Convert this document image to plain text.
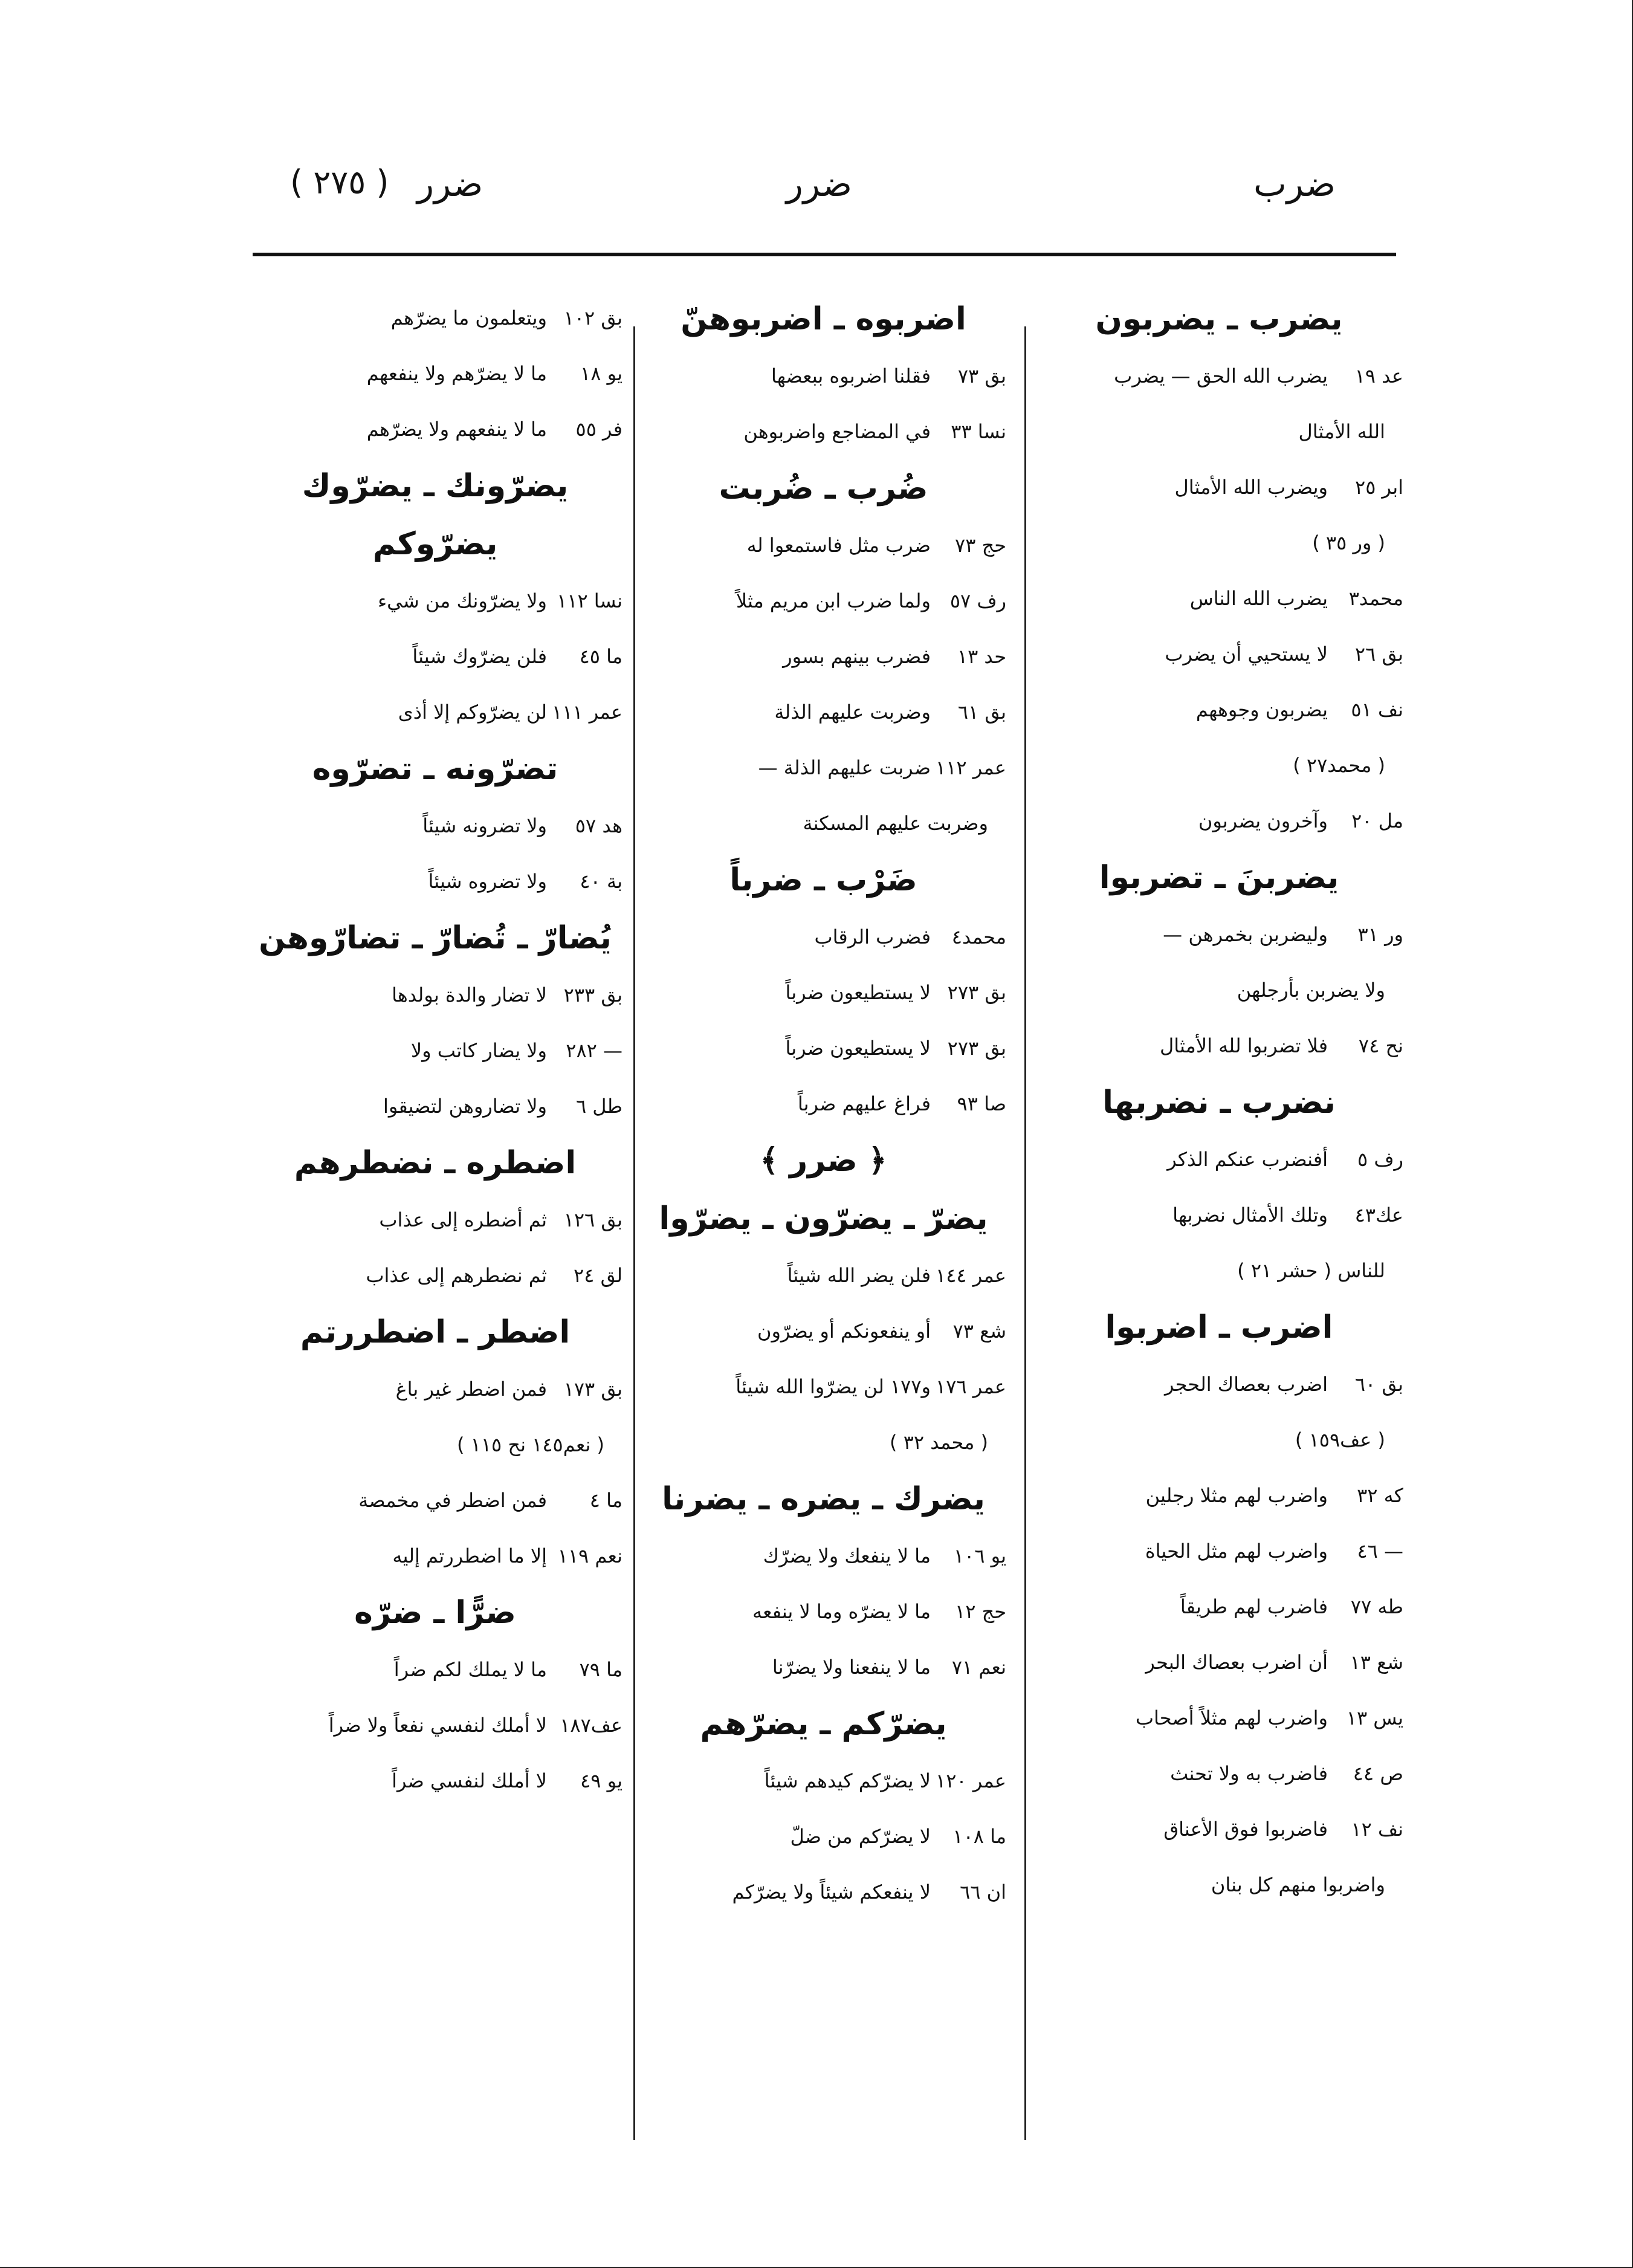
ضرب
ضرر
ضرر
( ٢٧٥ )
يضرب ـ يضربون
عد ١٩
يضرب الله الحق — يضرب
الله الأمثال
ابر ٢٥
ويضرب الله الأمثال
( ور ٣٥ )
محمد٣
يضرب الله الناس
بق ٢٦
لا يستحيي أن يضرب
نف ٥١
يضربون وجوههم
( محمد٢٧ )
مل ٢٠
وآخرون يضربون
يضربنَ ـ تضربوا
ور ٣١
وليضربن بخمرهن —
ولا يضربن بأرجلهن
نح ٧٤
فلا تضربوا لله الأمثال
نضرب ـ نضربها
رف ٥
أفنضرب عنكم الذكر
عك٤٣
وتلك الأمثال نضربها
للناس ( حشر ٢١ )
اضرب ـ اضربوا
بق ٦٠
اضرب بعصاك الحجر
( عف١٥٩ )
كه ٣٢
واضرب لهم مثلا رجلين
— ٤٦
واضرب لهم مثل الحياة
طه ٧٧
فاضرب لهم طريقاً
شع ١٣
أن اضرب بعصاك البحر
يس ١٣
واضرب لهم مثلاً أصحاب
ص ٤٤
فاضرب به ولا تحنث
نف ١٢
فاضربوا فوق الأعناق
واضربوا منهم كل بنان
اضربوه ـ اضربوهنّ
بق ٧٣
فقلنا اضربوه ببعضها
نسا ٣٣
في المضاجع واضربوهن
ضُرب ـ ضُربت
حج ٧٣
ضرب مثل فاستمعوا له
رف ٥٧
ولما ضرب ابن مريم مثلاً
حد ١٣
فضرب بينهم بسور
بق ٦١
وضربت عليهم الذلة
عمر ١١٢
ضربت عليهم الذلة —
وضربت عليهم المسكنة
ضَرْب ـ ضرباً
محمد٤
فضرب الرقاب
بق ٢٧٣
لا يستطيعون ضرباً
بق ٢٧٣
لا يستطيعون ضرباً
صا ٩٣
فراغ عليهم ضرباً
﴿ ضرر ﴾
يضرّ ـ يضرّون ـ يضرّوا
عمر ١٤٤
فلن يضر الله شيئاً
شع ٧٣
أو ينفعونكم أو يضرّون
عمر ١٧٦
و١٧٧ لن يضرّوا الله شيئاً
( محمد ٣٢ )
يضرك ـ يضره ـ يضرنا
يو ١٠٦
ما لا ينفعك ولا يضرّك
حج ١٢
ما لا يضرّه وما لا ينفعه
نعم ٧١
ما لا ينفعنا ولا يضرّنا
يضرّكم ـ يضرّهم
عمر ١٢٠
لا يضرّكم كيدهم شيئاً
ما ١٠٨
لا يضرّكم من ضلّ
ان ٦٦
لا ينفعكم شيئاً ولا يضرّكم
بق ١٠٢
ويتعلمون ما يضرّهم
يو ١٨
ما لا يضرّهم ولا ينفعهم
فر ٥٥
ما لا ينفعهم ولا يضرّهم
يضرّونك ـ يضرّوك
يضرّوكم
نسا ١١٢
ولا يضرّونك من شيء
ما ٤٥
فلن يضرّوك شيئاً
عمر ١١١
لن يضرّوكم إلا أذى
تضرّونه ـ تضرّوه
هد ٥٧
ولا تضرونه شيئاً
بة ٤٠
ولا تضروه شيئاً
يُضارّ ـ تُضارّ ـ تضارّوهن
بق ٢٣٣
لا تضار والدة بولدها
— ٢٨٢
ولا يضار كاتب ولا
طل ٦
ولا تضاروهن لتضيقوا
اضطره ـ نضطرهم
بق ١٢٦
ثم أضطره إلى عذاب
لق ٢٤
ثم نضطرهم إلى عذاب
اضطر ـ اضطررتم
بق ١٧٣
فمن اضطر غير باغ
( نعم١٤٥ نح ١١٥ )
ما ٤
فمن اضطر في مخمصة
نعم ١١٩
إلا ما اضطررتم إليه
ضرًّا ـ ضرّه
ما ٧٩
ما لا يملك لكم ضراً
عف١٨٧
لا أملك لنفسي نفعاً ولا ضراً
يو ٤٩
لا أملك لنفسي ضراً
